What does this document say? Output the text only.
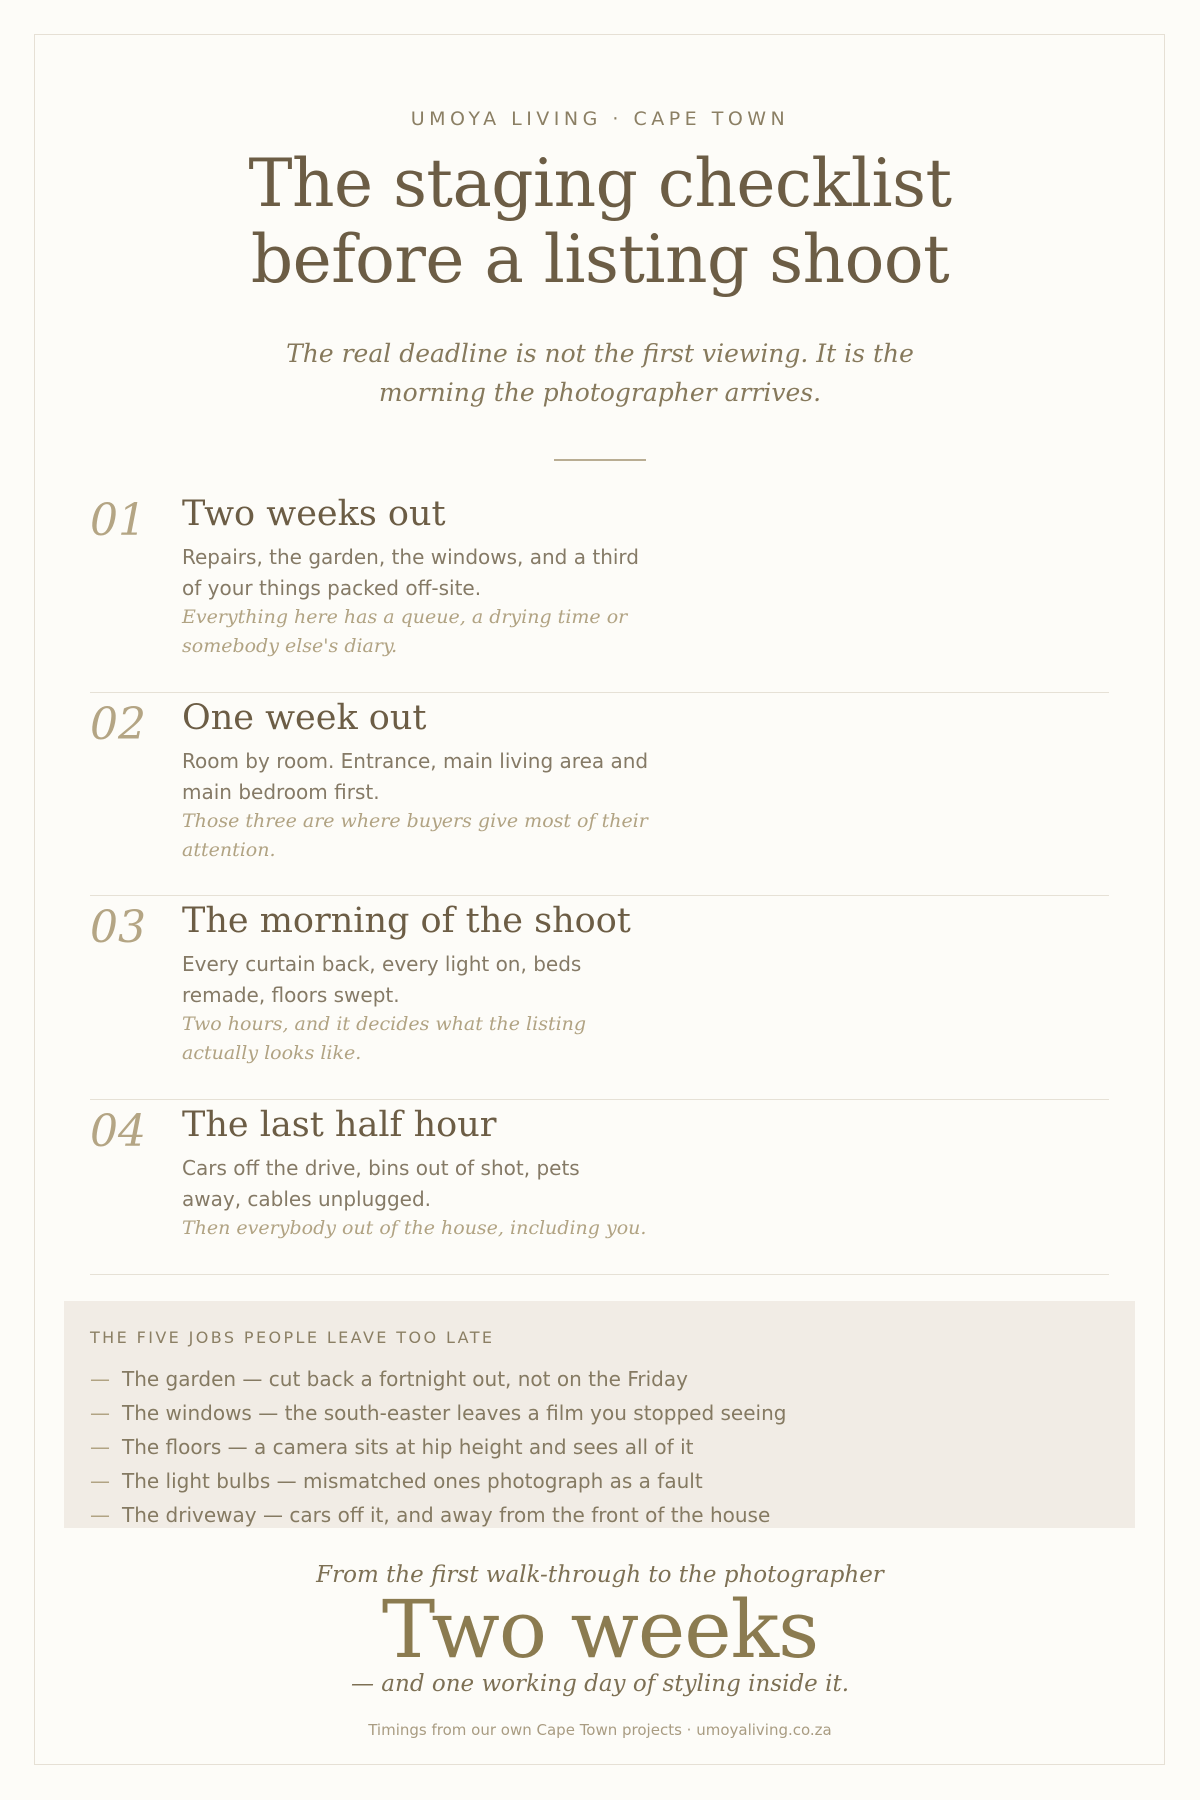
UMOYA LIVING · CAPE TOWN
The staging checklist
before a listing shoot
The real deadline is not the first viewing. It is the
morning the photographer arrives.
01 Two weeks out
Repairs, the garden, the windows, and a third of your things packed off-site.
Everything here has a queue, a drying time or somebody else's diary.
02 One week out
Room by room. Entrance, main living area and main bedroom first.
Those three are where buyers give most of their attention.
03 The morning of the shoot
Every curtain back, every light on, beds remade, floors swept.
Two hours, and it decides what the listing actually looks like.
04 The last half hour
Cars off the drive, bins out of shot, pets away, cables unplugged.
Then everybody out of the house, including you.
THE FIVE JOBS PEOPLE LEAVE TOO LATE
— The garden — cut back a fortnight out, not on the Friday
— The windows — the south-easter leaves a film you stopped seeing
— The floors — a camera sits at hip height and sees all of it
— The light bulbs — mismatched ones photograph as a fault
— The driveway — cars off it, and away from the front of the house
From the first walk-through to the photographer
Two weeks
— and one working day of styling inside it.
Timings from our own Cape Town projects · umoyaliving.co.za
